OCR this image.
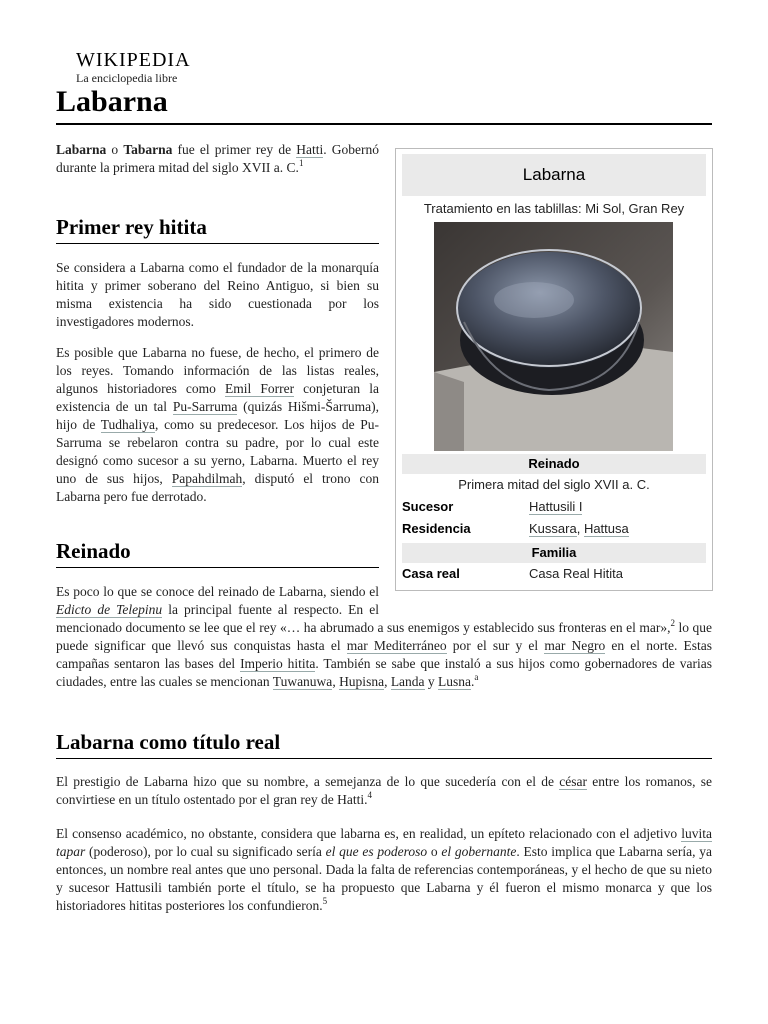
WIKIPEDIA
La enciclopedia libre
Labarna

Labarna o Tabarna fue el primer rey de Hatti. Gobernó durante la primera mitad del siglo XVII a. C.$^1$

Primer rey hitita

Se considera a Labarna como el fundador de la monarquía hitita y primer soberano del Reino Antiguo, si bien su misma existencia ha sido cuestionada por los investigadores modernos.

Es posible que Labarna no fuese, de hecho, el primero de los reyes. Tomando información de las listas reales, algunos historiadores como Emil Forrer conjeturan la existencia de un tal Pu-Sarruma (quizás Hišmi-Šarruma), hijo de Tudhaliya, como su predecesor. Los hijos de Pu-Sarruma se rebelaron contra su padre, por lo cual este designó como sucesor a su yerno, Labarna. Muerto el rey uno de sus hijos, Papahdilmah, disputó el trono con Labarna pero fue derrotado.

Reinado

Es poco lo que se conoce del reinado de Labarna, siendo el Edicto de Telepinu la principal fuente al respecto. En el mencionado documento se lee que el rey «… ha abrumado a sus enemigos y establecido sus fronteras en el mar»,$^2$ lo que puede significar que llevó sus conquistas hasta el mar Mediterráneo por el sur y el mar Negro en el norte. Estas campañas sentaron las bases del Imperio hitita. También se sabe que instaló a sus hijos como gobernadores de varias ciudades, entre las cuales se mencionan Tuwanuwa, Hupisna, Landa y Lusna.$^a$

Labarna como título real

El prestigio de Labarna hizo que su nombre, a semejanza de lo que sucedería con el de césar entre los romanos, se convirtiese en un título ostentado por el gran rey de Hatti.$^4$

El consenso académico, no obstante, considera que labarna es, en realidad, un epíteto relacionado con el adjetivo luvita tapar (poderoso), por lo cual su significado sería el que es poderoso o el gobernante. Esto implica que Labarna sería, ya entonces, un nombre real antes que uno personal. Dada la falta de referencias contemporáneas, y el hecho de que su nieto y sucesor Hattusili también porte el título, se ha propuesto que Labarna y él fueron el mismo monarca y que los historiadores hititas posteriores los confundieron.$^5$

Labarna
Tratamiento en las tablillas: Mi Sol, Gran Rey
Reinado
Primera mitad del siglo XVII a. C.
Sucesor	Hattusili I
Residencia	Kussara, Hattusa
Familia
Casa real	Casa Real Hitita
